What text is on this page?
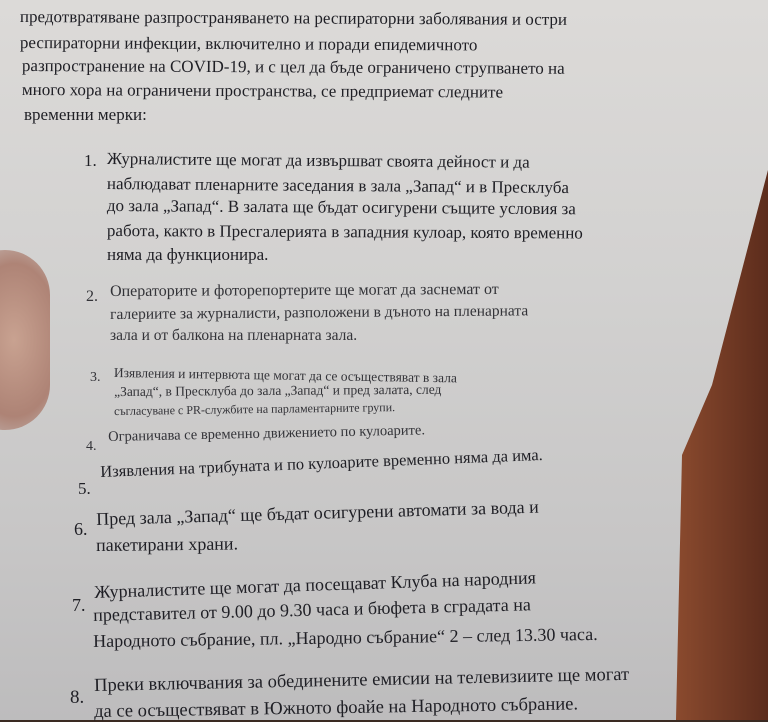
предотвратяване разпространяването на респираторни заболявания и остри
респираторни инфекции, включително и поради епидемичното
разпространение на COVID-19, и с цел да бъде ограничено струпването на
много хора на ограничени пространства, се предприемат следните
временни мерки:
1. Журналистите ще могат да извършват своята дейност и да
наблюдават пленарните заседания в зала „Запад“ и в Пресклуба
до зала „Запад“. В залата ще бъдат осигурени същите условия за
работа, както в Пресгалерията в западния кулоар, която временно
няма да функционира.
2. Операторите и фоторепортерите ще могат да заснемат от
галериите за журналисти, разположени в дъното на пленарната
зала и от балкона на пленарната зала.
3. Изявления и интервюта ще могат да се осъществяват в зала
„Запад“, в Пресклуба до зала „Запад“ и пред залата, след
съгласуване с PR-службите на парламентарните групи.
4.
Ограничава се временно движението по кулоарите.
5.
Изявления на трибуната и по кулоарите временно няма да има.
6.
Пред зала „Запад“ ще бъдат осигурени автомати за вода и
пакетирани храни.
7.
Журналистите ще могат да посещават Клуба на народния
представител от 9.00 до 9.30 часа и бюфета в сградата на
Народното събрание, пл. „Народно събрание“ 2 – след 13.30 часа.
8.
Преки включвания за обединените емисии на телевизиите ще могат
да се осъществяват в Южното фоайе на Народното събрание.
